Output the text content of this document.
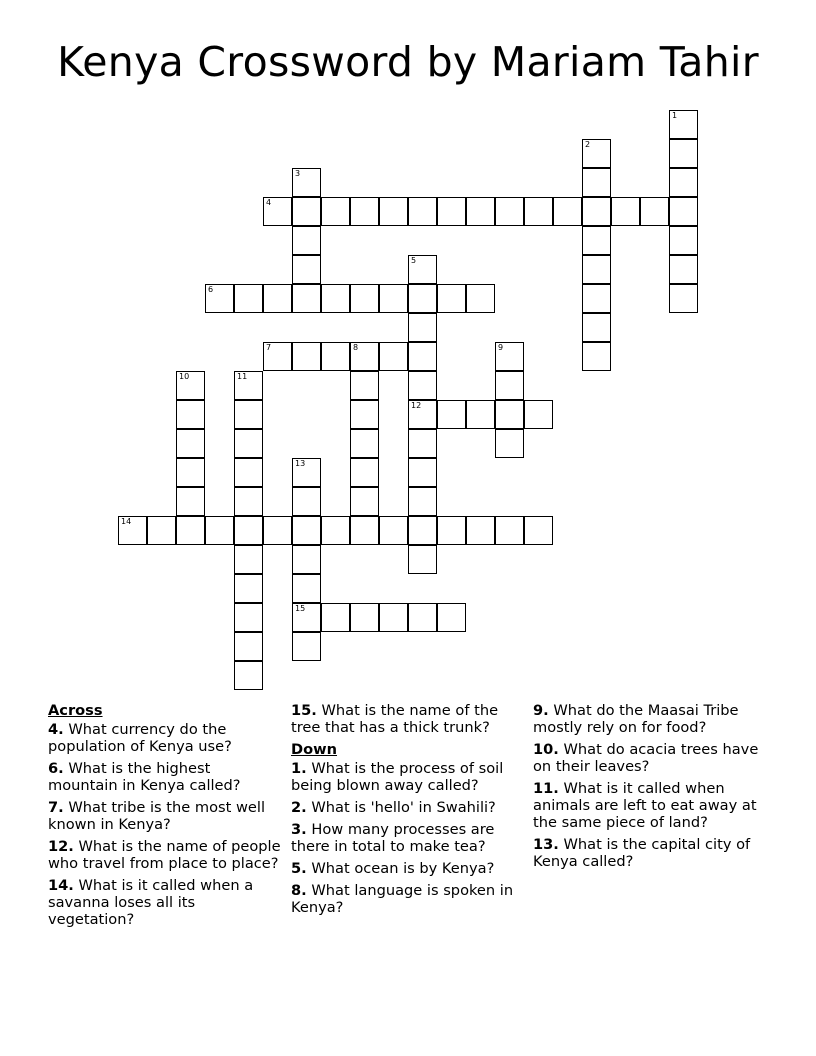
Kenya Crossword by Mariam Tahir
1
2
3
4
5
12
6
7	8	9
10	11
13
15
14
Across
4. What currency do the population of Kenya use?
6. What is the highest mountain in Kenya called?
7. What tribe is the most well known in Kenya?
12. What is the name of people who travel from place to place?
14. What is it called when a savanna loses all its vegetation?
15. What is the name of the tree that has a thick trunk?
Down
1. What is the process of soil being blown away called?
2. What is 'hello' in Swahili?
3. How many processes are there in total to make tea?
5. What ocean is by Kenya?
8. What language is spoken in Kenya?
9. What do the Maasai Tribe mostly rely on for food?
10. What do acacia trees have on their leaves?
11. What is it called when animals are left to eat away at the same piece of land?
13. What is the capital city of Kenya called?
